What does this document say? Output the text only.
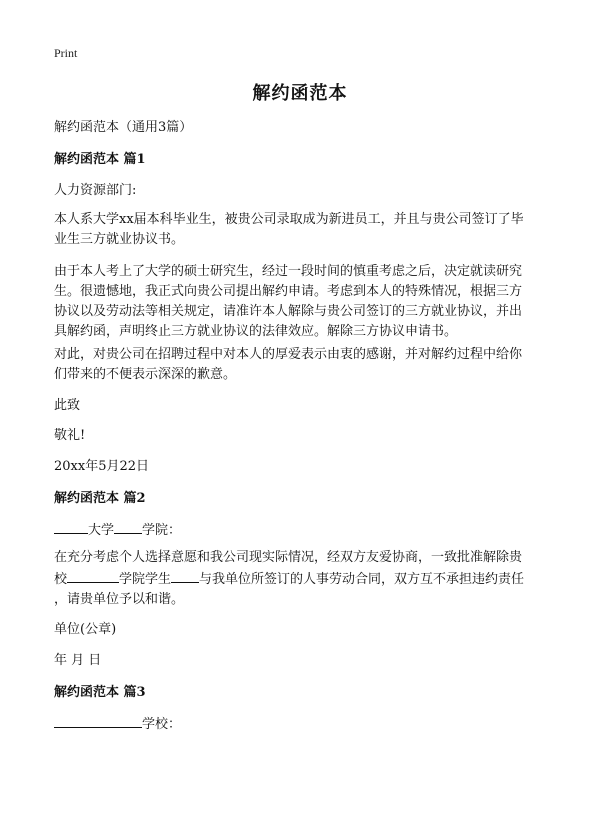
Print
解约函范本
解约函范本（通用3篇）
解约函范本 篇1
人力资源部门:
本人系大学xx届本科毕业生，被贵公司录取成为新进员工，并且与贵公司签订了毕
业生三方就业协议书。
由于本人考上了大学的硕士研究生，经过一段时间的慎重考虑之后，决定就读研究
生。很遗憾地，我正式向贵公司提出解约申请。考虑到本人的特殊情况，根据三方
协议以及劳动法等相关规定，请准许本人解除与贵公司签订的三方就业协议，并出
具解约函，声明终止三方就业协议的法律效应。解除三方协议申请书。
对此，对贵公司在招聘过程中对本人的厚爱表示由衷的感谢，并对解约过程中给你
们带来的不便表示深深的歉意。
此致
敬礼!
20xx年5月22日
解约函范本 篇2
大学 学院：
在充分考虑个人选择意愿和我公司现实际情况，经双方友爱协商，一致批准解除贵
校	学院学生 与我单位所签订的人事劳动合同，双方互不承担违约责任
，请贵单位予以和谐。
单位(公章)
年 月 日
解约函范本 篇3
学校：
